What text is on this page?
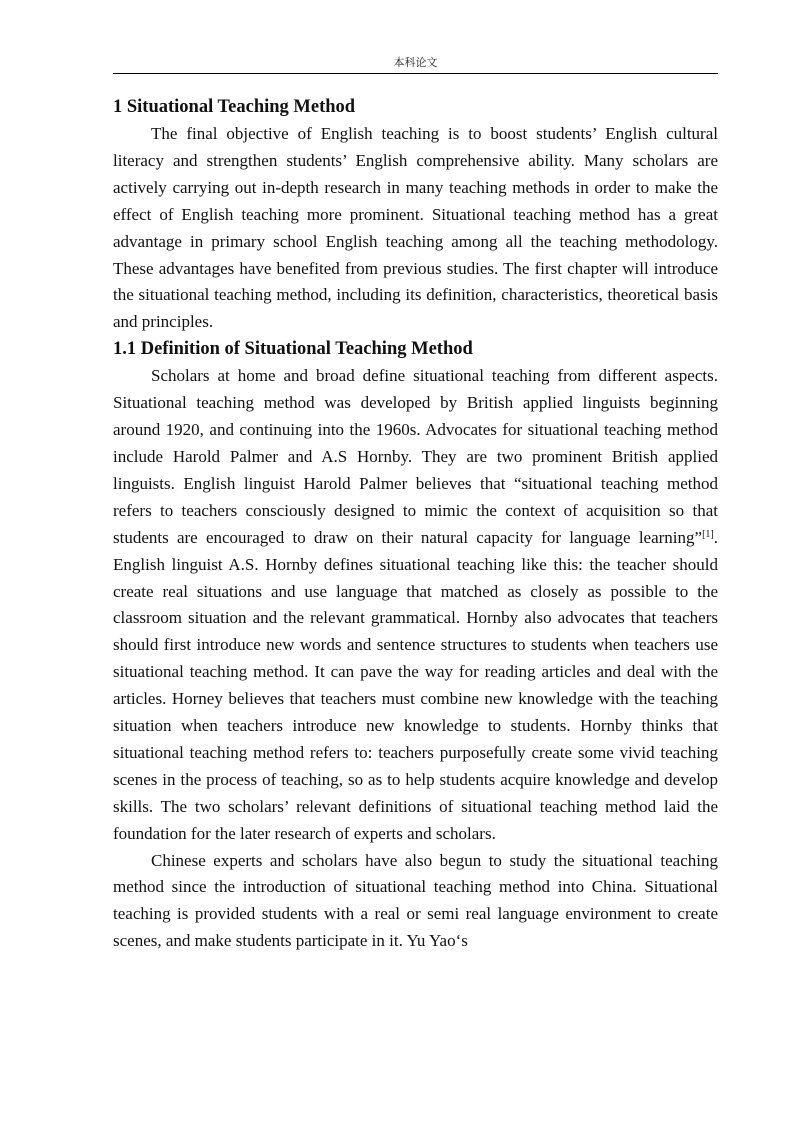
本科论文
1 Situational Teaching Method

The final objective of English teaching is to boost students’ English cultural literacy and strengthen students’ English comprehensive ability. Many scholars are actively carrying out in-depth research in many teaching methods in order to make the effect of English teaching more prominent. Situational teaching method has a great advantage in primary school English teaching among all the teaching methodology. These advantages have benefited from previous studies. The first chapter will introduce the situational teaching method, including its definition, characteristics, theoretical basis and principles.

1.1 Definition of Situational Teaching Method

Scholars at home and broad define situational teaching from different aspects. Situational teaching method was developed by British applied linguists beginning around 1920, and continuing into the 1960s. Advocates for situational teaching method include Harold Palmer and A.S Hornby. They are two prominent British applied linguists. English linguist Harold Palmer believes that “situational teaching method refers to teachers consciously designed to mimic the context of acquisition so that students are encouraged to draw on their natural capacity for language learning”[1]. English linguist A.S. Hornby defines situational teaching like this: the teacher should create real situations and use language that matched as closely as possible to the classroom situation and the relevant grammatical. Hornby also advocates that teachers should first introduce new words and sentence structures to students when teachers use situational teaching method. It can pave the way for reading articles and deal with the articles. Horney believes that teachers must combine new knowledge with the teaching situation when teachers introduce new knowledge to students. Hornby thinks that situational teaching method refers to: teachers purposefully create some vivid teaching scenes in the process of teaching, so as to help students acquire knowledge and develop skills. The two scholars’ relevant definitions of situational teaching method laid the foundation for the later research of experts and scholars.

Chinese experts and scholars have also begun to study the situational teaching method since the introduction of situational teaching method into China. Situational teaching is provided students with a real or semi real language environment to create scenes, and make students participate in it. Yu Yao‘s
